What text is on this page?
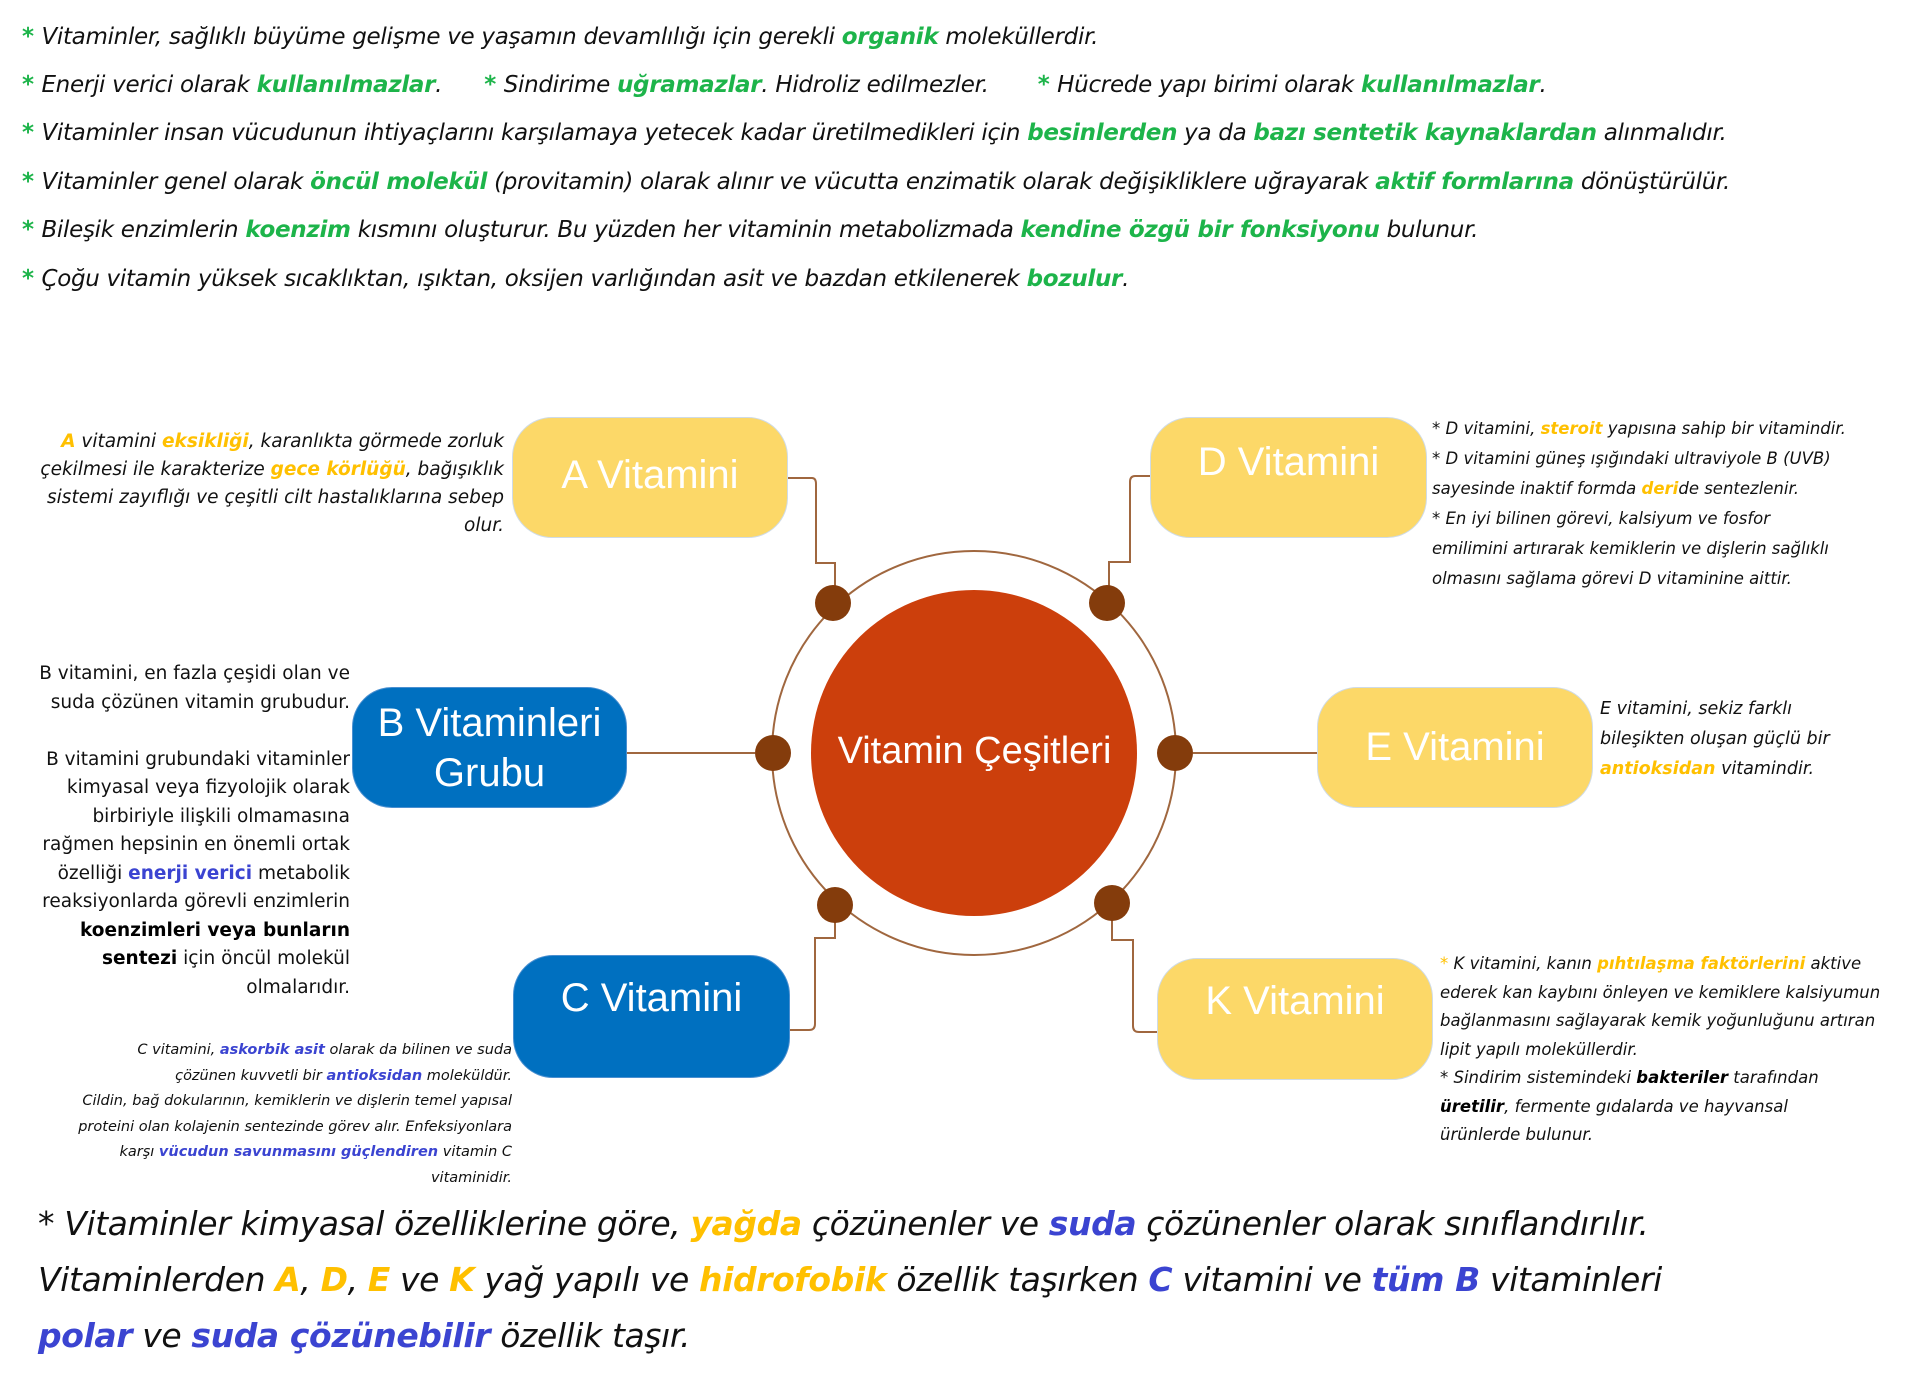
* Vitaminler, sağlıklı büyüme gelişme ve yaşamın devamlılığı için gerekli organik moleküllerdir.
* Enerji verici olarak kullanılmazlar.      * Sindirime uğramazlar. Hidroliz edilmezler.       * Hücrede yapı birimi olarak kullanılmazlar.
* Vitaminler insan vücudunun ihtiyaçlarını karşılamaya yetecek kadar üretilmedikleri için besinlerden ya da bazı sentetik kaynaklardan alınmalıdır.
* Vitaminler genel olarak öncül molekül (provitamin) olarak alınır ve vücutta enzimatik olarak değişikliklere uğrayarak aktif formlarına dönüştürülür.
* Bileşik enzimlerin koenzim kısmını oluşturur. Bu yüzden her vitaminin metabolizmada kendine özgü bir fonksiyonu bulunur.
* Çoğu vitamin yüksek sıcaklıktan, ışıktan, oksijen varlığından asit ve bazdan etkilenerek bozulur.
Vitamin Çeşitleri
A Vitamini	D Vitamini
B Vitaminleri
Grubu
E Vitamini
C Vitamini	K Vitamini

A vitamini eksikliği, karanlıkta görmede zorluk

çekilmesi ile karakterize gece körlüğü, bağışıklık

sistemi zayıflığı ve çeşitli cilt hastalıklarına sebep

olur.

* D vitamini, steroit yapısına sahip bir vitamindir.

* D vitamini güneş ışığındaki ultraviyole B (UVB)

sayesinde inaktif formda deride sentezlenir.

* En iyi bilinen görevi, kalsiyum ve fosfor

emilimini artırarak kemiklerin ve dişlerin sağlıklı

olmasını sağlama görevi D vitaminine aittir.

B vitamini, en fazla çeşidi olan ve

suda çözünen vitamin grubudur.

B vitamini grubundaki vitaminler

kimyasal veya fizyolojik olarak

birbiriyle ilişkili olmamasına

rağmen hepsinin en önemli ortak

özelliği enerji verici metabolik

reaksiyonlarda görevli enzimlerin

koenzimleri veya bunların

sentezi için öncül molekül

olmalarıdır.

E vitamini, sekiz farklı

bileşikten oluşan güçlü bir

antioksidan vitamindir.

C vitamini, askorbik asit olarak da bilinen ve suda

çözünen kuvvetli bir antioksidan moleküldür.

Cildin, bağ dokularının, kemiklerin ve dişlerin temel yapısal

proteini olan kolajenin sentezinde görev alır. Enfeksiyonlara

karşı vücudun savunmasını güçlendiren vitamin C

vitaminidir.

* K vitamini, kanın pıhtılaşma faktörlerini aktive

ederek kan kaybını önleyen ve kemiklere kalsiyumun

bağlanmasını sağlayarak kemik yoğunluğunu artıran

lipit yapılı moleküllerdir.

* Sindirim sistemindeki bakteriler tarafından

üretilir, fermente gıdalarda ve hayvansal

ürünlerde bulunur.

* Vitaminler kimyasal özelliklerine göre, yağda çözünenler ve suda çözünenler olarak sınıflandırılır.
Vitaminlerden A, D, E ve K yağ yapılı ve hidrofobik özellik taşırken C vitamini ve tüm B vitaminleri
polar ve suda çözünebilir özellik taşır.
